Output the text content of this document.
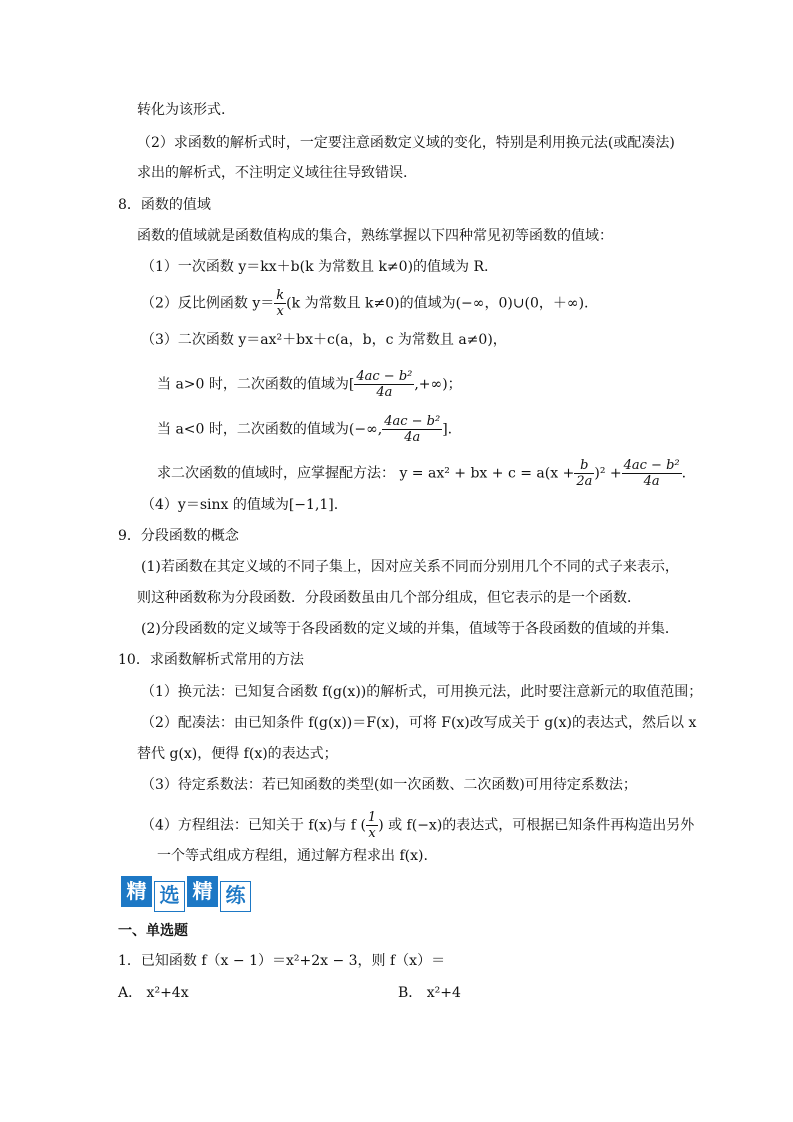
转化为该形式.
（2）求函数的解析式时，一定要注意函数定义域的变化，特别是利用换元法(或配凑法)
求出的解析式，不注明定义域往往导致错误.
8．函数的值域
函数的值域就是函数值构成的集合，熟练掌握以下四种常见初等函数的值域：
（1）一次函数 y＝kx＋b(k 为常数且 k≠0)的值域为 R.
（2）反比例函数 $y= \frac{k}{x} (k$ 为常数且 k≠0)的值域为(−∞，0)∪(0，＋∞).
（3）二次函数 y＝ax²＋bx＋c(a，b，c 为常数且 a≠0)，
当 a>0 时，二次函数的值域为[ $\frac{\text{4ac − b²}}{4a}$ ,+∞)；
当 a<0 时，二次函数的值域为(−∞, $\frac{\text{4ac − b²}}{4a}$ ].
求二次函数的值域时，应掌握配方法： y = ax² + bx + $c = a(x + \frac{b}{2a} )^2 + \frac{\text{4ac − b²}}{4a}$ .
（4）y＝sinx 的值域为[−1,1].
9．分段函数的概念
(1)若函数在其定义域的不同子集上，因对应关系不同而分别用几个不同的式子来表示，
则这种函数称为分段函数．分段函数虽由几个部分组成，但它表示的是一个函数．
(2)分段函数的定义域等于各段函数的定义域的并集，值域等于各段函数的值域的并集．
10．求函数解析式常用的方法
（1）换元法：已知复合函数 f(g(x))的解析式，可用换元法，此时要注意新元的取值范围；
（2）配凑法：由已知条件 f(g(x))＝F(x)，可将 F(x)改写成关于 g(x)的表达式，然后以 x
替代 g(x)，便得 f(x)的表达式；
（3）待定系数法：若已知函数的类型(如一次函数、二次函数)可用待定系数法；
（4）方程组法：已知关于 f(x)与 f ( $\frac{1}{x}$ ) 或 f(−x)的表达式，可根据已知条件再构造出另外
一个等式组成方程组，通过解方程求出 f(x).
精 选 精 练
一、单选题
1．已知函数 f（x − 1）＝x²+2x − 3，则 f（x）＝
A． x²+4x	B． x²+4
